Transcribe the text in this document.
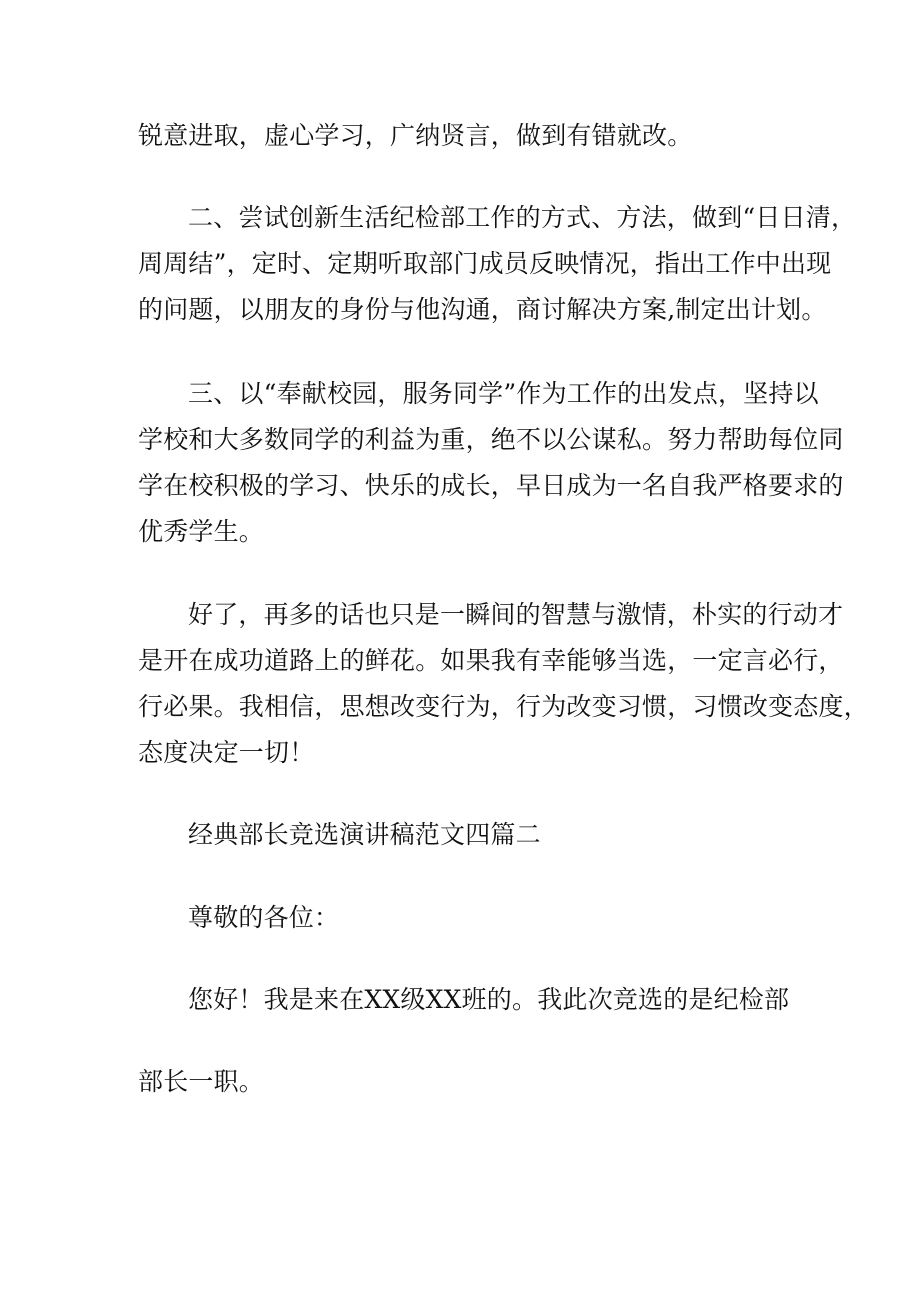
锐意进取，虚心学习，广纳贤言，做到有错就改。
二、尝试创新生活纪检部工作的方式、方法，做到“日日清，
周周结”，定时、定期听取部门成员反映情况，指出工作中出现
的问题，以朋友的身份与他沟通，商讨解决方案,制定出计划。
三、以“奉献校园，服务同学”作为工作的出发点，坚持以
学校和大多数同学的利益为重，绝不以公谋私。努力帮助每位同
学在校积极的学习、快乐的成长，早日成为一名自我严格要求的
优秀学生。
好了，再多的话也只是一瞬间的智慧与激情，朴实的行动才
是开在成功道路上的鲜花。如果我有幸能够当选，一定言必行，
行必果。我相信，思想改变行为，行为改变习惯，习惯改变态度，
态度决定一切！
经典部长竞选演讲稿范文四篇二
尊敬的各位：
您好！我是来在XX级XX班的。我此次竞选的是纪检部
部长一职。
